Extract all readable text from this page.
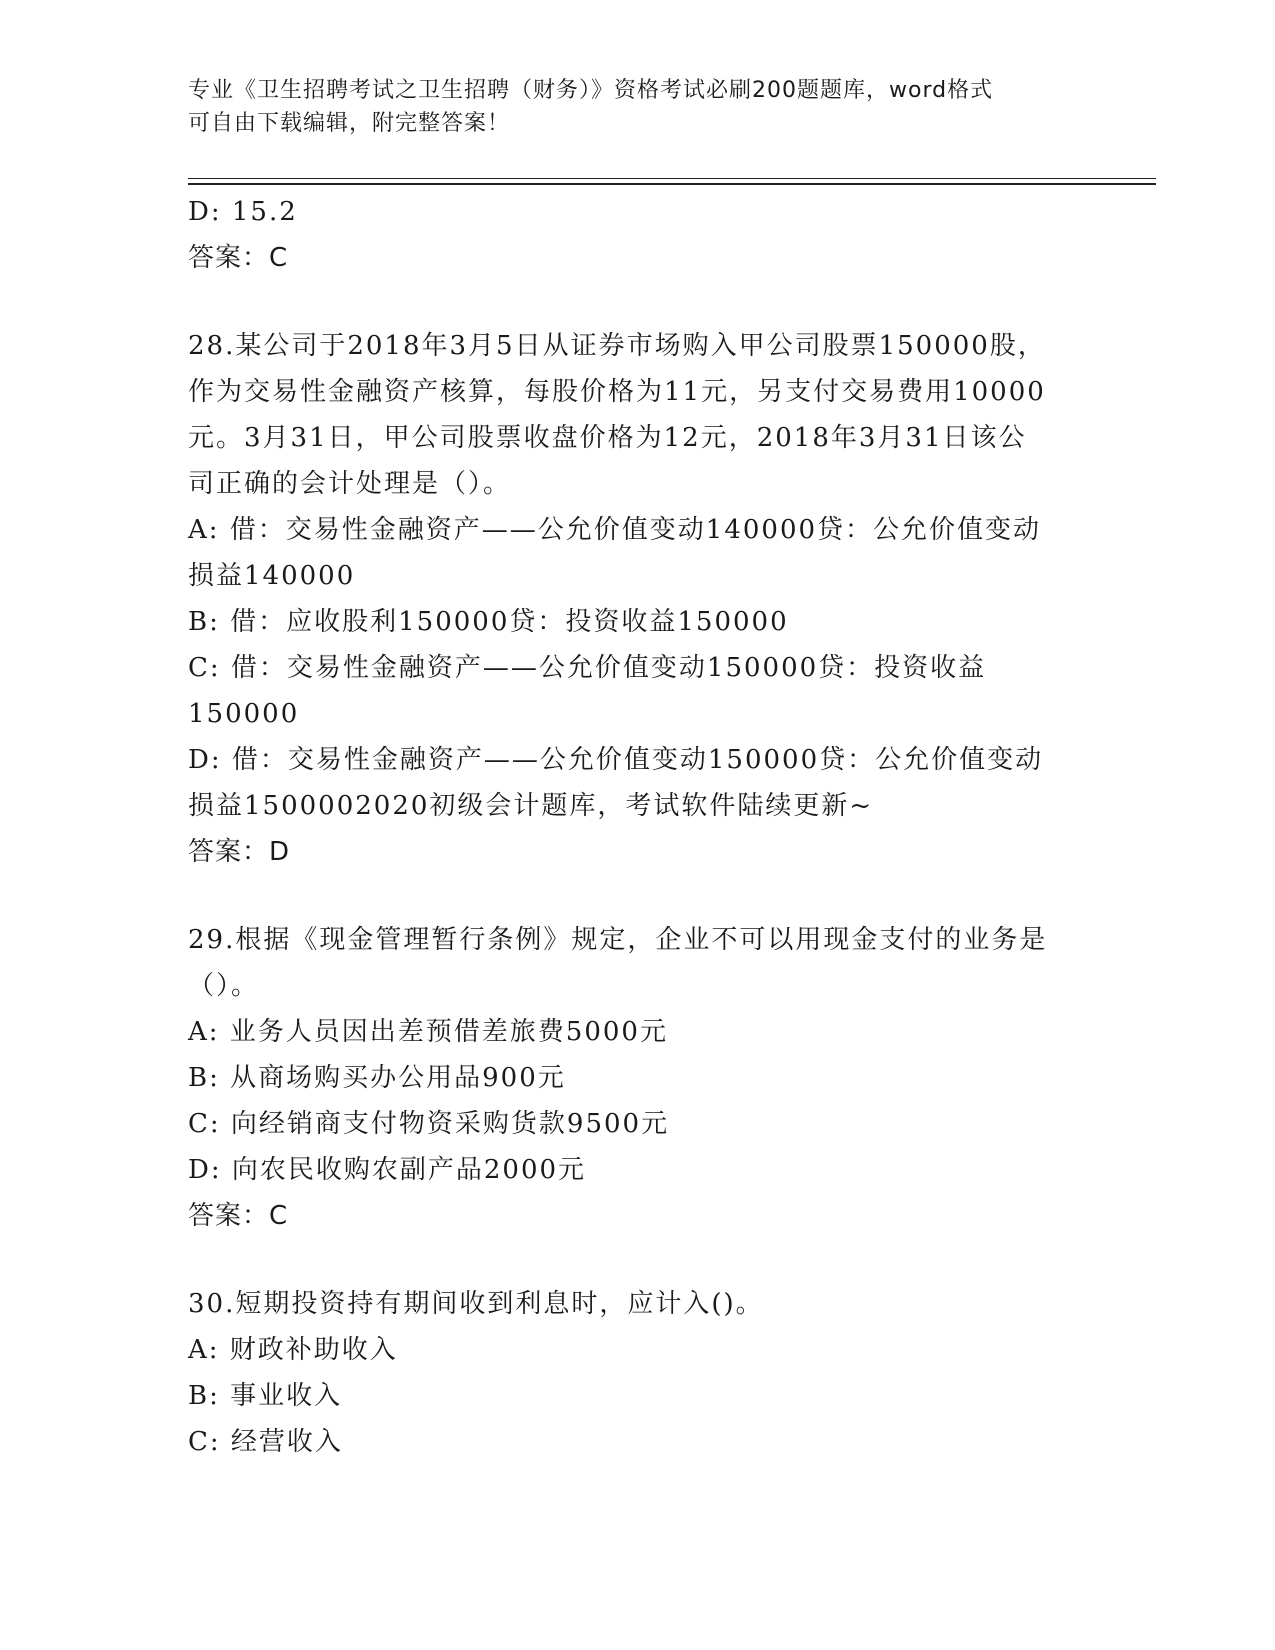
专业《卫生招聘考试之卫生招聘（财务）》资格考试必刷200题题库，word格式
可自由下载编辑，附完整答案！
D: 15.2
答案：C
28.某公司于2018年3月5日从证券市场购入甲公司股票150000股，
作为交易性金融资产核算，每股价格为11元，另支付交易费用10000
元。3月31日，甲公司股票收盘价格为12元，2018年3月31日该公
司正确的会计处理是（）。
A: 借：交易性金融资产——公允价值变动140000贷：公允价值变动
损益140000
B: 借：应收股利150000贷：投资收益150000
C: 借：交易性金融资产——公允价值变动150000贷：投资收益
150000
D: 借：交易性金融资产——公允价值变动150000贷：公允价值变动
损益1500002020初级会计题库，考试软件陆续更新~
答案：D
29.根据《现金管理暂行条例》规定，企业不可以用现金支付的业务是
（）。
A: 业务人员因出差预借差旅费5000元
B: 从商场购买办公用品900元
C: 向经销商支付物资采购货款9500元
D: 向农民收购农副产品2000元
答案：C
30.短期投资持有期间收到利息时，应计入()。
A: 财政补助收入
B: 事业收入
C: 经营收入
